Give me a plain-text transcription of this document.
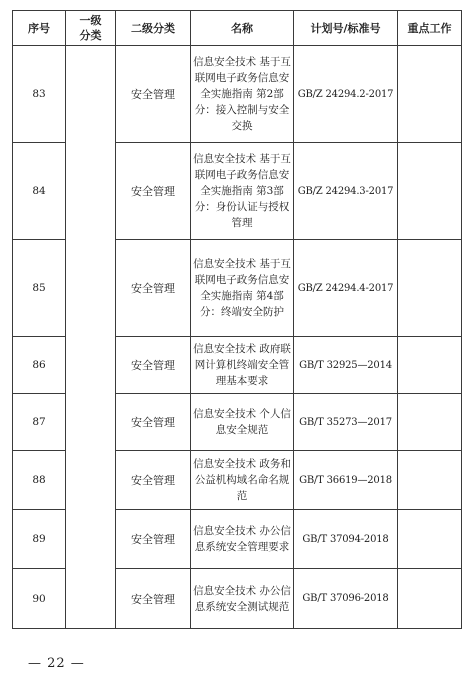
序号	一级分类	二级分类	名称	计划号/标准号	重点工作
83		安全管理	信息安全技术 基于互联网电子政务信息安全实施指南 第2部分：接入控制与安全交换	GB/Z 24294.2-2017	
84		安全管理	信息安全技术 基于互联网电子政务信息安全实施指南 第3部分：身份认证与授权管理	GB/Z 24294.3-2017	
85		安全管理	信息安全技术 基于互联网电子政务信息安全实施指南 第4部分：终端安全防护	GB/Z 24294.4-2017	
86		安全管理	信息安全技术 政府联网计算机终端安全管理基本要求	GB/T 32925—2014	
87		安全管理	信息安全技术 个人信息安全规范	GB/T 35273—2017	
88		安全管理	信息安全技术 政务和公益机构域名命名规范	GB/T 36619—2018	
89		安全管理	信息安全技术 办公信息系统安全管理要求	GB/T 37094-2018	
90		安全管理	信息安全技术 办公信息系统安全测试规范	GB/T 37096-2018	
— 22 —
